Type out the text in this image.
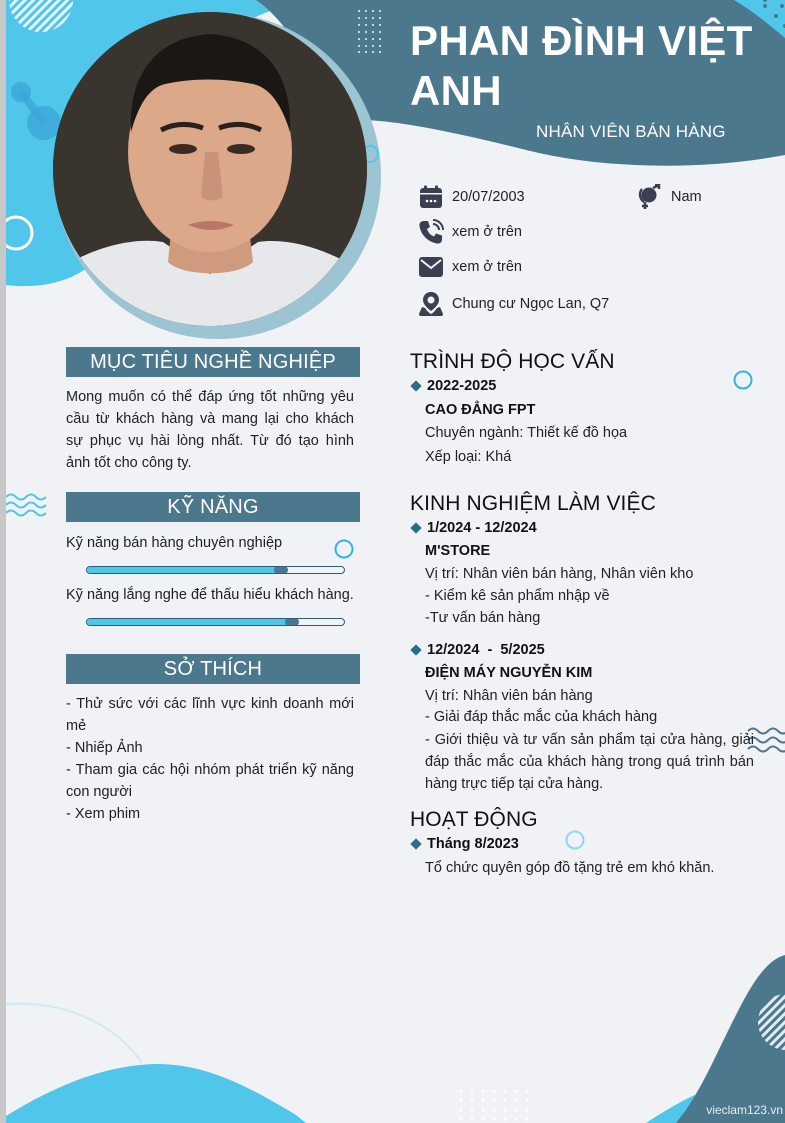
PHAN ĐÌNH VIỆT
ANH
NHÂN VIÊN BÁN HÀNG
20/07/2003	Nam
xem ở trên
xem ở trên
Chung cư Ngọc Lan, Q7
MỤC TIÊU NGHỀ NGHIỆP
Mong muốn có thể đáp ứng tốt những yêu cầu từ khách hàng và mang lại cho khách sự phục vụ hài lòng nhất. Từ đó tạo hình ảnh tốt cho công ty.
KỸ NĂNG
Kỹ năng bán hàng chuyên nghiệp
Kỹ năng lắng nghe để thấu hiểu khách hàng.
SỞ THÍCH
- Thử sức với các lĩnh vực kinh doanh mới mẻ
- Nhiếp Ảnh
- Tham gia các hội nhóm phát triển kỹ năng con người
- Xem phim
TRÌNH ĐỘ HỌC VẤN
2022-2025
CAO ĐẲNG FPT
Chuyên ngành: Thiết kế đồ họa
Xếp loại: Khá
KINH NGHIỆM LÀM VIỆC
1/2024 - 12/2024
M'STORE
Vị trí: Nhân viên bán hàng, Nhân viên kho
- Kiểm kê sản phẩm nhập về
-Tư vấn bán hàng
12/2024  -  5/2025
ĐIỆN MÁY NGUYỄN KIM
Vị trí: Nhân viên bán hàng
- Giải đáp thắc mắc của khách hàng
- Giới thiệu và tư vấn sản phẩm tại cửa hàng, giải đáp thắc mắc của khách hàng trong quá trình bán hàng trực tiếp tại cửa hàng.
HOẠT ĐỘNG
Tháng 8/2023
Tổ chức quyên góp đồ tặng trẻ em khó khăn.
vieclam123.vn
